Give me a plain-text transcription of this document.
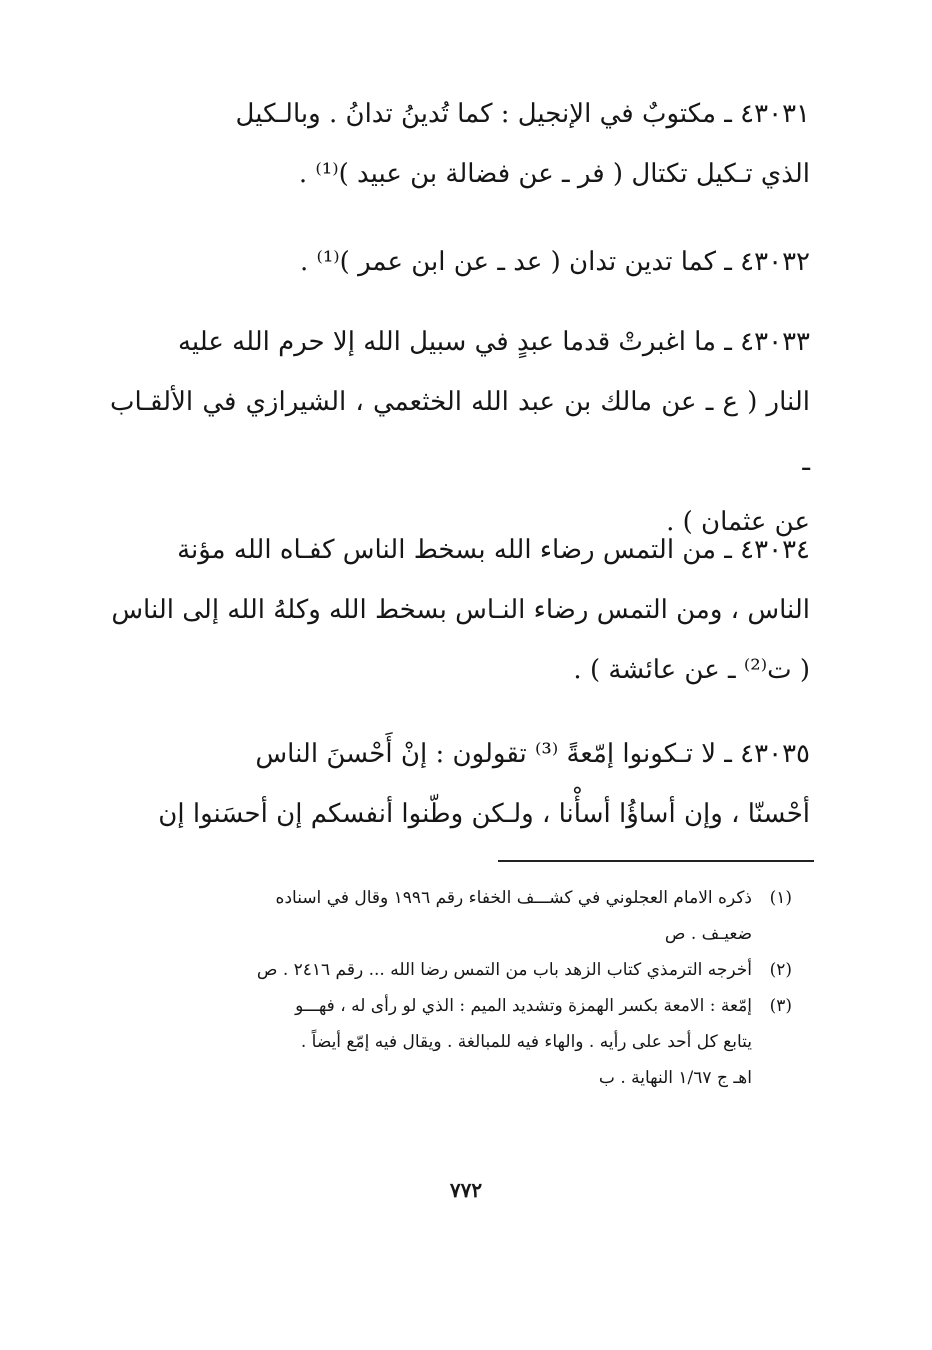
٤٣٠٣١ ـ مكتوبٌ في الإنجيل : كما تُدينُ تدانُ . وبالـكيل
الذي تـكيل تكتال ( فر ـ عن فضالة بن عبيد )⁽¹⁾ .
٤٣٠٣٢ ـ كما تدين تدان ( عد ـ عن ابن عمر )⁽¹⁾ .
٤٣٠٣٣ ـ ما اغبرتْ قدما عبدٍ في سبيل الله إلا حرم الله عليه
النار ( ع ـ عن مالك بن عبد الله الخثعمي ، الشيرازي في الألقـاب ـ
عن عثمان ) .
٤٣٠٣٤ ـ من التمس رضاء الله بسخط الناس كفـاه الله مؤنة
الناس ، ومن التمس رضاء النـاس بسخط الله وكلهُ الله إلى الناس
( ت⁽²⁾ ـ عن عائشة ) .
٤٣٠٣٥ ـ لا تـكونوا إمّعةً ⁽³⁾ تقولون : إنْ أَحْسنَ الناس
أحْسنّا ، وإن أساؤُا أسأْنا ، ولـكن وطّنوا أنفسكم إن أحسَنوا إن
(١)
ذكره الامام العجلوني في كشـــف الخفاء رقم ١٩٩٦ وقال في اسناده
ضعيـف . ص
(٢)
أخرجه الترمذي كتاب الزهد باب من التمس رضا الله ... رقم ٢٤١٦ . ص
(٣)
إمّعة : الامعة بكسر الهمزة وتشديد الميم : الذي لو رأى له ، فهـــو
يتابع كل أحد على رأيه . والهاء فيه للمبالغة . ويقال فيه إمّع أيضاً .
اهـ ج ١/٦٧ النهاية . ب
٧٧٢
